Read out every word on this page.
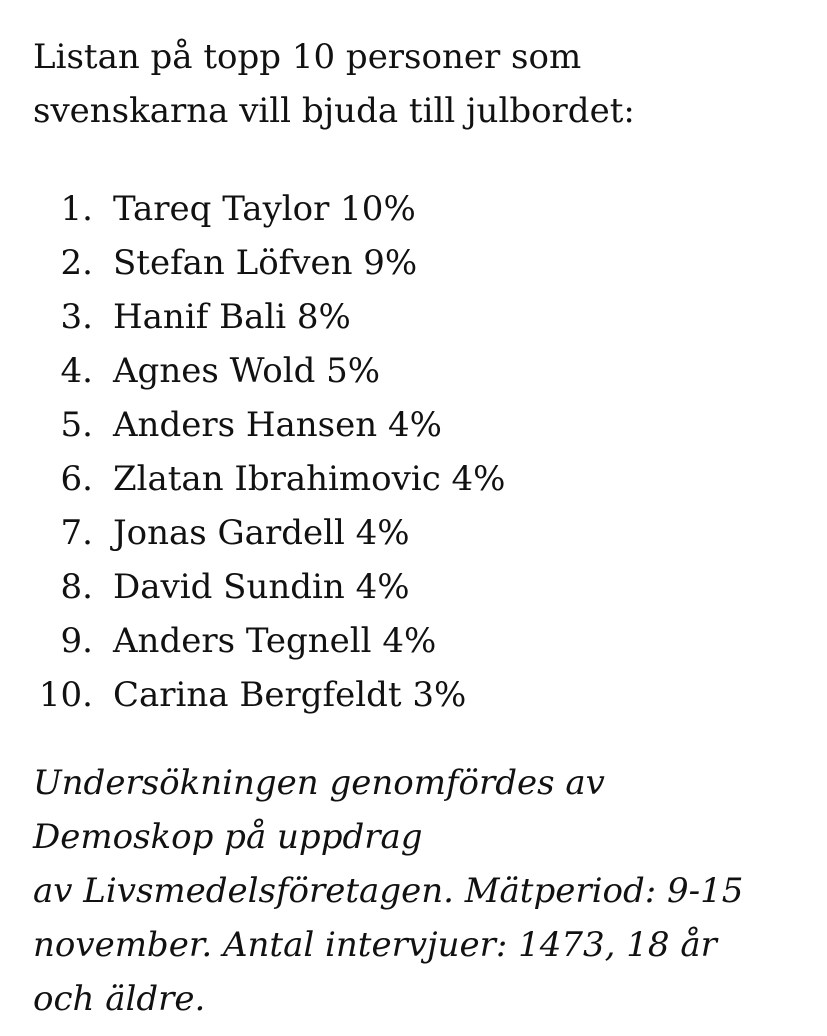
Listan på topp 10 personer som
svenskarna vill bjuda till julbordet:

1. Tareq Taylor 10%
2. Stefan Löfven 9%
3. Hanif Bali 8%
4. Agnes Wold 5%
5. Anders Hansen 4%
6. Zlatan Ibrahimovic 4%
7. Jonas Gardell 4%
8. David Sundin 4%
9. Anders Tegnell 4%
10. Carina Bergfeldt 3%

Undersökningen genomfördes av
Demoskop på uppdrag
av Livsmedelsföretagen. Mätperiod: 9-15
november. Antal intervjuer: 1473, 18 år
och äldre.
